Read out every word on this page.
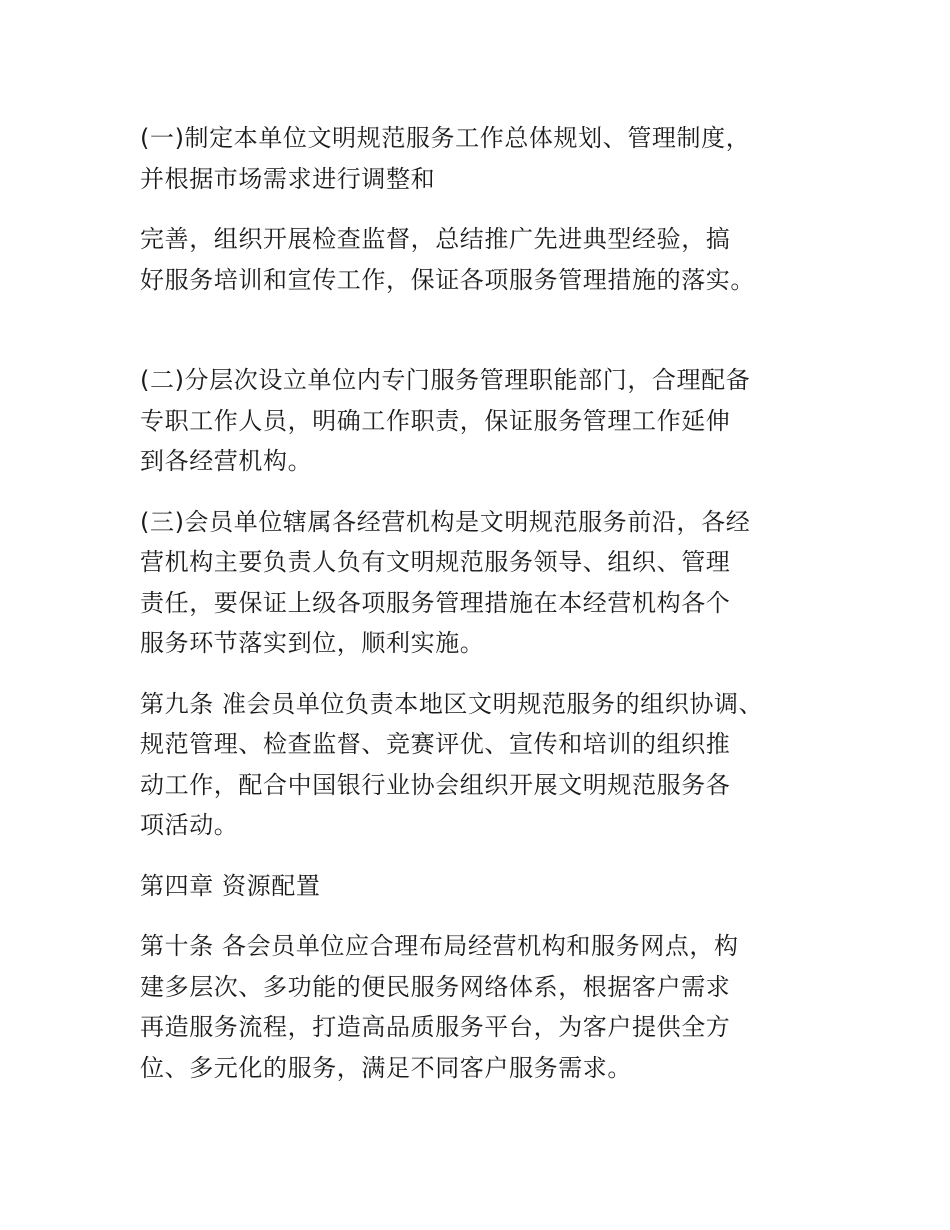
(一)制定本单位文明规范服务工作总体规划、管理制度，
并根据市场需求进行调整和

完善，组织开展检查监督，总结推广先进典型经验，搞
好服务培训和宣传工作，保证各项服务管理措施的落实。

(二)分层次设立单位内专门服务管理职能部门，合理配备
专职工作人员，明确工作职责，保证服务管理工作延伸
到各经营机构。

(三)会员单位辖属各经营机构是文明规范服务前沿，各经
营机构主要负责人负有文明规范服务领导、组织、管理
责任，要保证上级各项服务管理措施在本经营机构各个
服务环节落实到位，顺利实施。

第九条 准会员单位负责本地区文明规范服务的组织协调、
规范管理、检查监督、竞赛评优、宣传和培训的组织推
动工作，配合中国银行业协会组织开展文明规范服务各
项活动。

第四章 资源配置

第十条 各会员单位应合理布局经营机构和服务网点，构
建多层次、多功能的便民服务网络体系，根据客户需求
再造服务流程，打造高品质服务平台，为客户提供全方
位、多元化的服务，满足不同客户服务需求。
